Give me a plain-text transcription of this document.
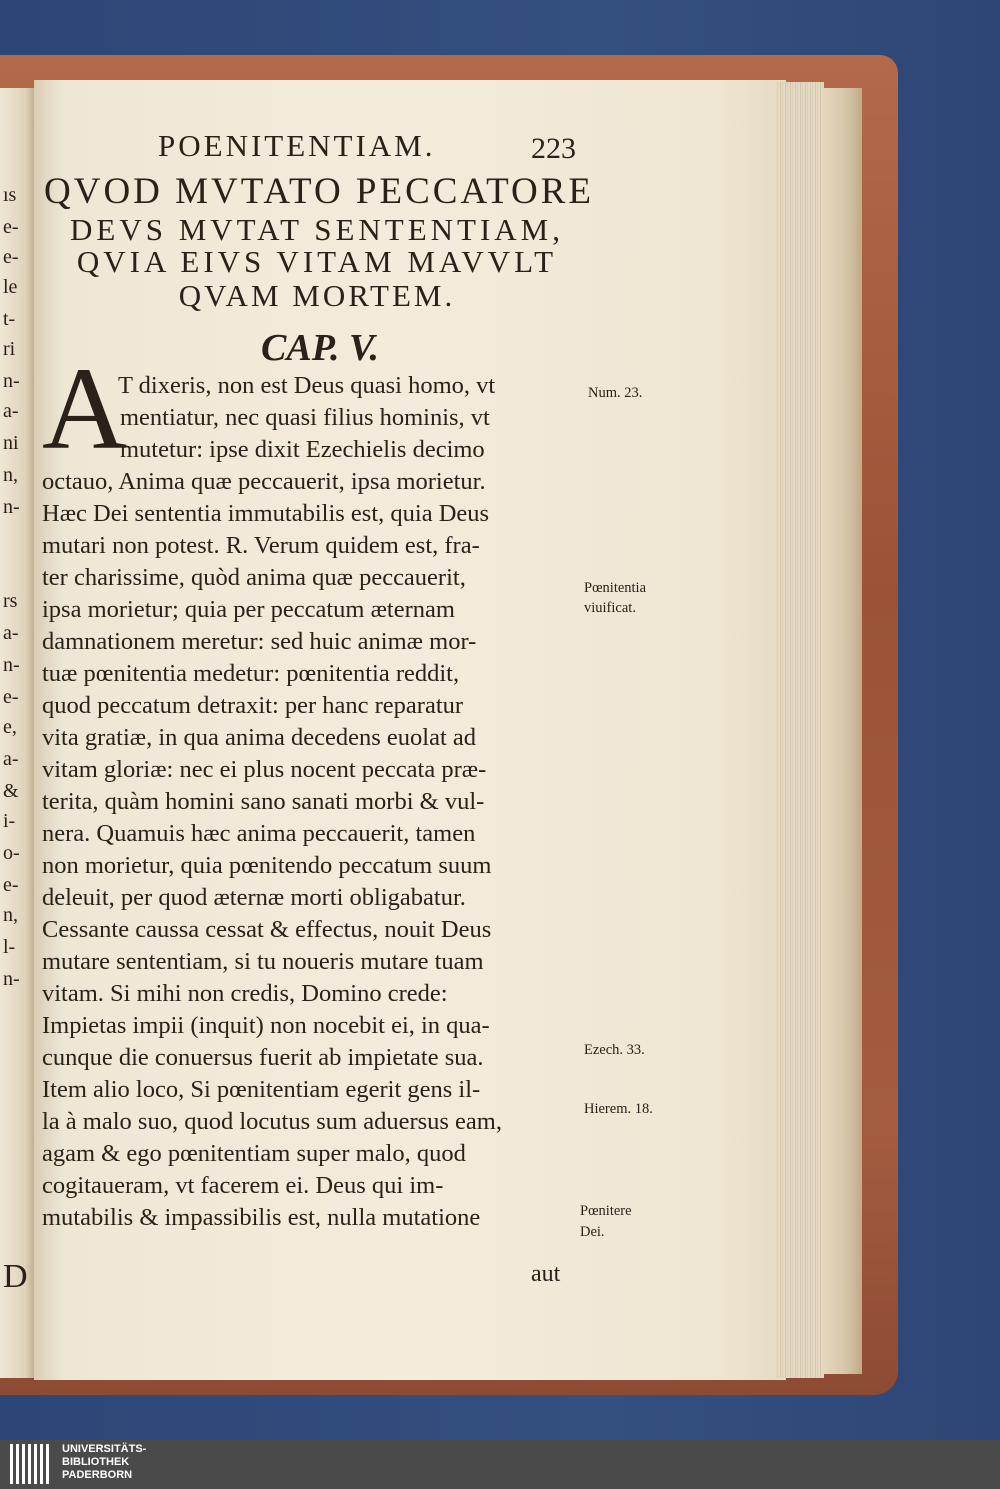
ıs
e-
e-
le
t-
ri
n-
a-
ni
n,
n-
rs
a-
n-
e-
e,
a-
&
i-
o-
e-
n,
l-
n-
D
POENITENTIAM.	223
QVOD MVTATO PECCATORE
DEVS MVTAT SENTENTIAM,
QVIA EIVS VITAM MAVVLT
QVAM MORTEM.
CAP. V.
A
T dixeris, non est Deus quasi homo, vt
mentiatur, nec quasi filius hominis, vt
mutetur: ipse dixit Ezechielis decimo
octauo, Anima quæ peccauerit, ipsa morietur.
Hæc Dei sententia immutabilis est, quia Deus
mutari non potest. R. Verum quidem est, fra-
ter charissime, quòd anima quæ peccauerit,
ipsa morietur; quia per peccatum æternam
damnationem meretur: sed huic animæ mor-
tuæ pœnitentia medetur: pœnitentia reddit,
quod peccatum detraxit: per hanc reparatur
vita gratiæ, in qua anima decedens euolat ad
vitam gloriæ: nec ei plus nocent peccata præ-
terita, quàm homini sano sanati morbi & vul-
nera. Quamuis hæc anima peccauerit, tamen
non morietur, quia pœnitendo peccatum suum
deleuit, per quod æternæ morti obligabatur.
Cessante caussa cessat & effectus, nouit Deus
mutare sententiam, si tu noueris mutare tuam
vitam. Si mihi non credis, Domino crede:
Impietas impii (inquit) non nocebit ei, in qua-
cunque die conuersus fuerit ab impietate sua.
Item alio loco, Si pœnitentiam egerit gens il-
la à malo suo, quod locutus sum aduersus eam,
agam & ego pœnitentiam super malo, quod
cogitaueram, vt facerem ei. Deus qui im-
mutabilis & impassibilis est, nulla mutatione
Num. 23.
Pœnitentia
viuificat.
Ezech. 33.
Hierem. 18.
Pœnitere
Dei.
aut
UNIVERSITÄTS-
BIBLIOTHEK
PADERBORN
